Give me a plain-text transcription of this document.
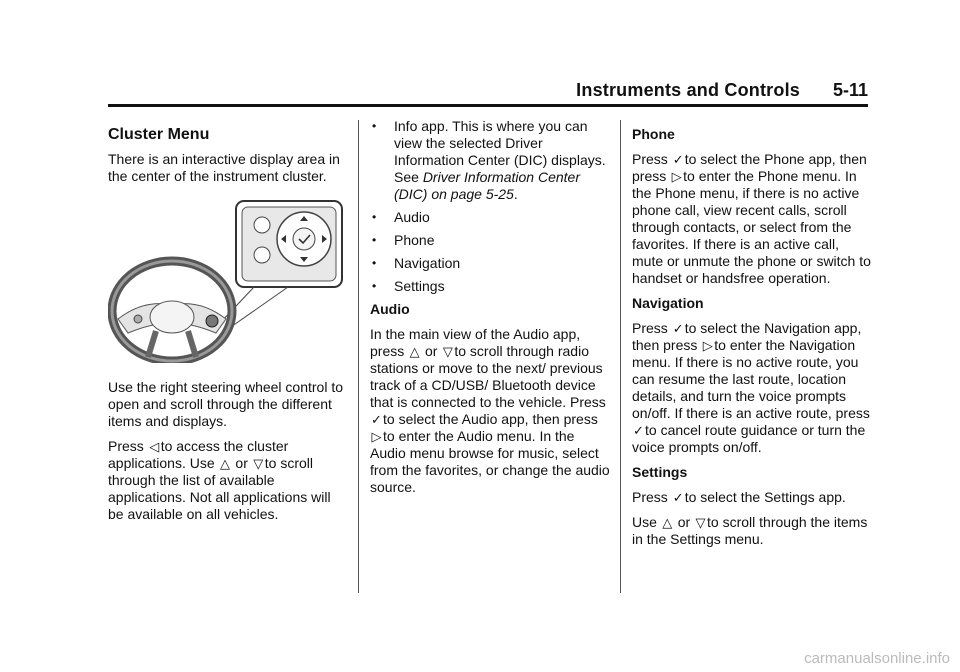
Instruments and Controls 5-11
Cluster Menu

There is an interactive display area in the center of the instrument cluster.

Use the right steering wheel control to open and scroll through the different items and displays.

Press ◁ to access the cluster applications. Use △ or ▽ to scroll through the list of available applications. Not all applications will be available on all vehicles.

• Info app. This is where you can view the selected Driver Information Center (DIC) displays. See Driver Information Center (DIC) on page 5-25.
• Audio
• Phone
• Navigation
• Settings
Audio

In the main view of the Audio app, press △ or ▽ to scroll through radio stations or move to the next/ previous track of a CD/USB/ Bluetooth device that is connected to the vehicle. Press ✓to select the Audio app, then press ▷ to enter the Audio menu. In the Audio menu browse for music, select from the favorites, or change the audio source.

Phone

Press ✓to select the Phone app, then press ▷ to enter the Phone menu. In the Phone menu, if there is no active phone call, view recent calls, scroll through contacts, or select from the favorites. If there is an active call, mute or unmute the phone or switch to handset or handsfree operation.

Navigation

Press ✓to select the Navigation app, then press ▷ to enter the Navigation menu. If there is no active route, you can resume the last route, location details, and turn the voice prompts on/off. If there is an active route, press ✓to cancel route guidance or turn the voice prompts on/off.

Settings

Press ✓to select the Settings app.

Use △ or ▽ to scroll through the items in the Settings menu.

carmanualsonline.info
